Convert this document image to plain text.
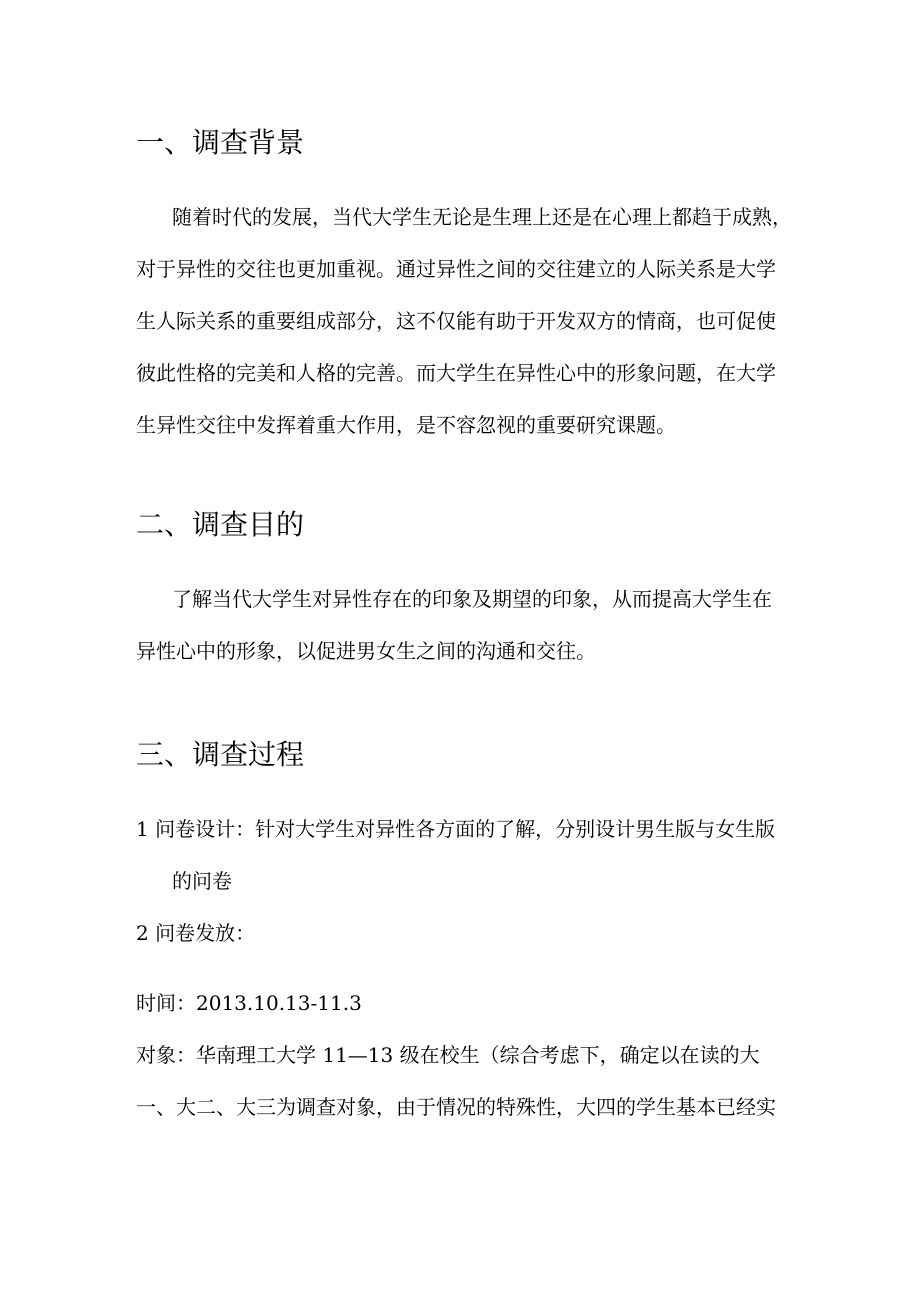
一、调查背景

随着时代的发展，当代大学生无论是生理上还是在心理上都趋于成熟，

对于异性的交往也更加重视。通过异性之间的交往建立的人际关系是大学

生人际关系的重要组成部分，这不仅能有助于开发双方的情商，也可促使

彼此性格的完美和人格的完善。而大学生在异性心中的形象问题，在大学

生异性交往中发挥着重大作用，是不容忽视的重要研究课题。

二、调查目的

了解当代大学生对异性存在的印象及期望的印象，从而提高大学生在

异性心中的形象，以促进男女生之间的沟通和交往。

三、调查过程

1 问卷设计：针对大学生对异性各方面的了解，分别设计男生版与女生版

的问卷

2 问卷发放：

时间：2013.10.13-11.3

对象：华南理工大学 11—13 级在校生（综合考虑下，确定以在读的大

一、大二、大三为调查对象，由于情况的特殊性，大四的学生基本已经实
